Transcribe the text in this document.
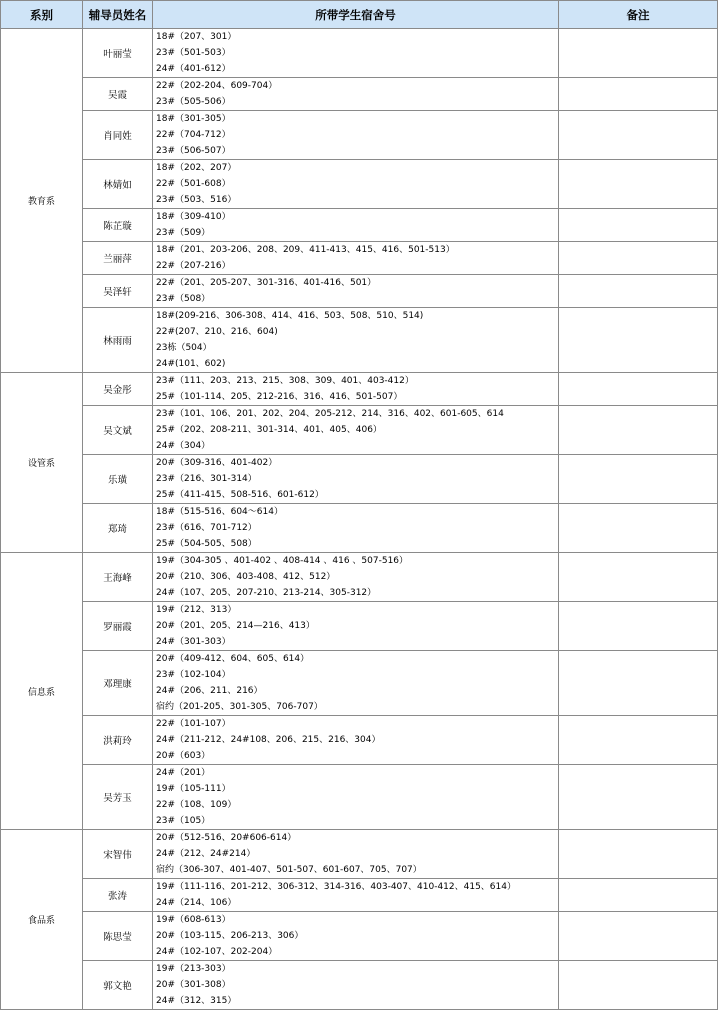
系别	辅导员姓名	所带学生宿舍号	备注
教育系	叶丽莹	18#（207、301）
23#（501-503）
24#（401-612）	

	吴霞	22#（202-204、609-704）
23#（505-506）	

	肖同姓	18#（301-305）
22#（704-712）
23#（506-507）	

	林婧如	18#（202、207）
22#（501-608）
23#（503、516）	

	陈芷璇	18#（309-410）
23#（509）	

	兰丽萍	18#（201、203-206、208、209、411-413、415、416、501-513）
22#（207-216）	

	吴泽轩	22#（201、205-207、301-316、401-416、501）
23#（508）	

	林雨雨	18#(209-216、306-308、414、416、503、508、510、514)
22#(207、210、216、604)
23栋（504）
24#(101、602)	

设管系	吴金彤	23#（111、203、213、215、308、309、401、403-412）
25#（101-114、205、212-216、316、416、501-507）	

	吴文斌	23#（101、106、201、202、204、205-212、214、316、402、601-605、614
25#（202、208-211、301-314、401、405、406）
24#（304）	

	乐璜	20#（309-316、401-402）
23#（216、301-314）
25#（411-415、508-516、601-612）	

	郑琦	18#（515-516、604～614）
23#（616、701-712）
25#（504-505、508）	

信息系	王海峰	19#（304-305 、401-402 、408-414 、416 、507-516）
20#（210、306、403-408、412、512）
24#（107、205、207-210、213-214、305-312）	

	罗丽霞	19#（212、313）
20#（201、205、214—216、413）
24#（301-303）	

	邓理康	20#（409-412、604、605、614）
23#（102-104）
24#（206、211、216）
宿约（201-205、301-305、706-707）	

	洪莉玲	22#（101-107）
24#（211-212、24#108、206、215、216、304）
20#（603）	

	吴芳玉	24#（201）
19#（105-111）
22#（108、109）
23#（105）	

食品系	宋智伟	20#（512-516、20#606-614）
24#（212、24#214）
宿约（306-307、401-407、501-507、601-607、705、707）	

	张涛	19#（111-116、201-212、306-312、314-316、403-407、410-412、415、614）
24#（214、106）	

	陈思莹	19#（608-613）
20#（103-115、206-213、306）
24#（102-107、202-204）	

	郭文艳	19#（213-303）
20#（301-308）
24#（312、315）	
